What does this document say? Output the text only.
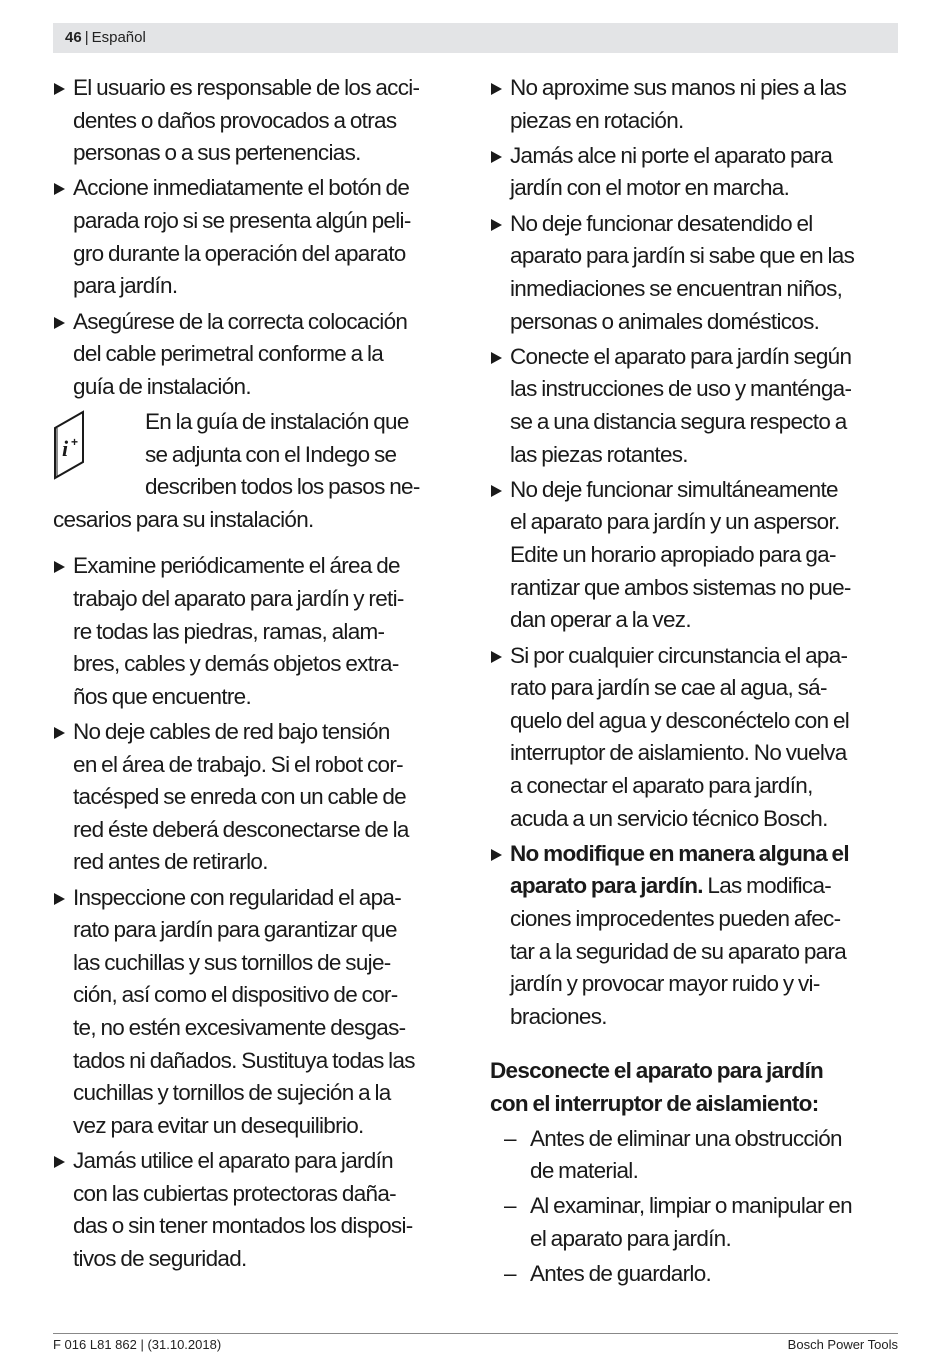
46 | Español
El usuario es responsable de los acci-
dentes o daños provocados a otras
personas o a sus pertenencias.
Accione inmediatamente el botón de
parada rojo si se presenta algún peli-
gro durante la operación del aparato
para jardín.
Asegúrese de la correcta colocación
del cable perimetral conforme a la
guía de instalación.
i +
En la guía de instalación que
se adjunta con el Indego se
describen todos los pasos ne-
cesarios para su instalación.
Examine periódicamente el área de
trabajo del aparato para jardín y reti-
re todas las piedras, ramas, alam-
bres, cables y demás objetos extra-
ños que encuentre.
No deje cables de red bajo tensión
en el área de trabajo. Si el robot cor-
tacésped se enreda con un cable de
red éste deberá desconectarse de la
red antes de retirarlo.
Inspeccione con regularidad el apa-
rato para jardín para garantizar que
las cuchillas y sus tornillos de suje-
ción, así como el dispositivo de cor-
te, no estén excesivamente desgas-
tados ni dañados. Sustituya todas las
cuchillas y tornillos de sujeción a la
vez para evitar un desequilibrio.
Jamás utilice el aparato para jardín
con las cubiertas protectoras daña-
das o sin tener montados los disposi-
tivos de seguridad.
No aproxime sus manos ni pies a las
piezas en rotación.
Jamás alce ni porte el aparato para
jardín con el motor en marcha.
No deje funcionar desatendido el
aparato para jardín si sabe que en las
inmediaciones se encuentran niños,
personas o animales domésticos.
Conecte el aparato para jardín según
las instrucciones de uso y manténga-
se a una distancia segura respecto a
las piezas rotantes.
No deje funcionar simultáneamente
el aparato para jardín y un aspersor.
Edite un horario apropiado para ga-
rantizar que ambos sistemas no pue-
dan operar a la vez.
Si por cualquier circunstancia el apa-
rato para jardín se cae al agua, sá-
quelo del agua y desconéctelo con el
interruptor de aislamiento. No vuelva
a conectar el aparato para jardín,
acuda a un servicio técnico Bosch.
No modifique en manera alguna el
aparato para jardín. Las modifica-
ciones improcedentes pueden afec-
tar a la seguridad de su aparato para
jardín y provocar mayor ruido y vi-
braciones.
Desconecte el aparato para jardín
con el interruptor de aislamiento:
– Antes de eliminar una obstrucción
de material.
– Al examinar, limpiar o manipular en
el aparato para jardín.
– Antes de guardarlo.
F 016 L81 862 | (31.10.2018)	Bosch Power Tools
